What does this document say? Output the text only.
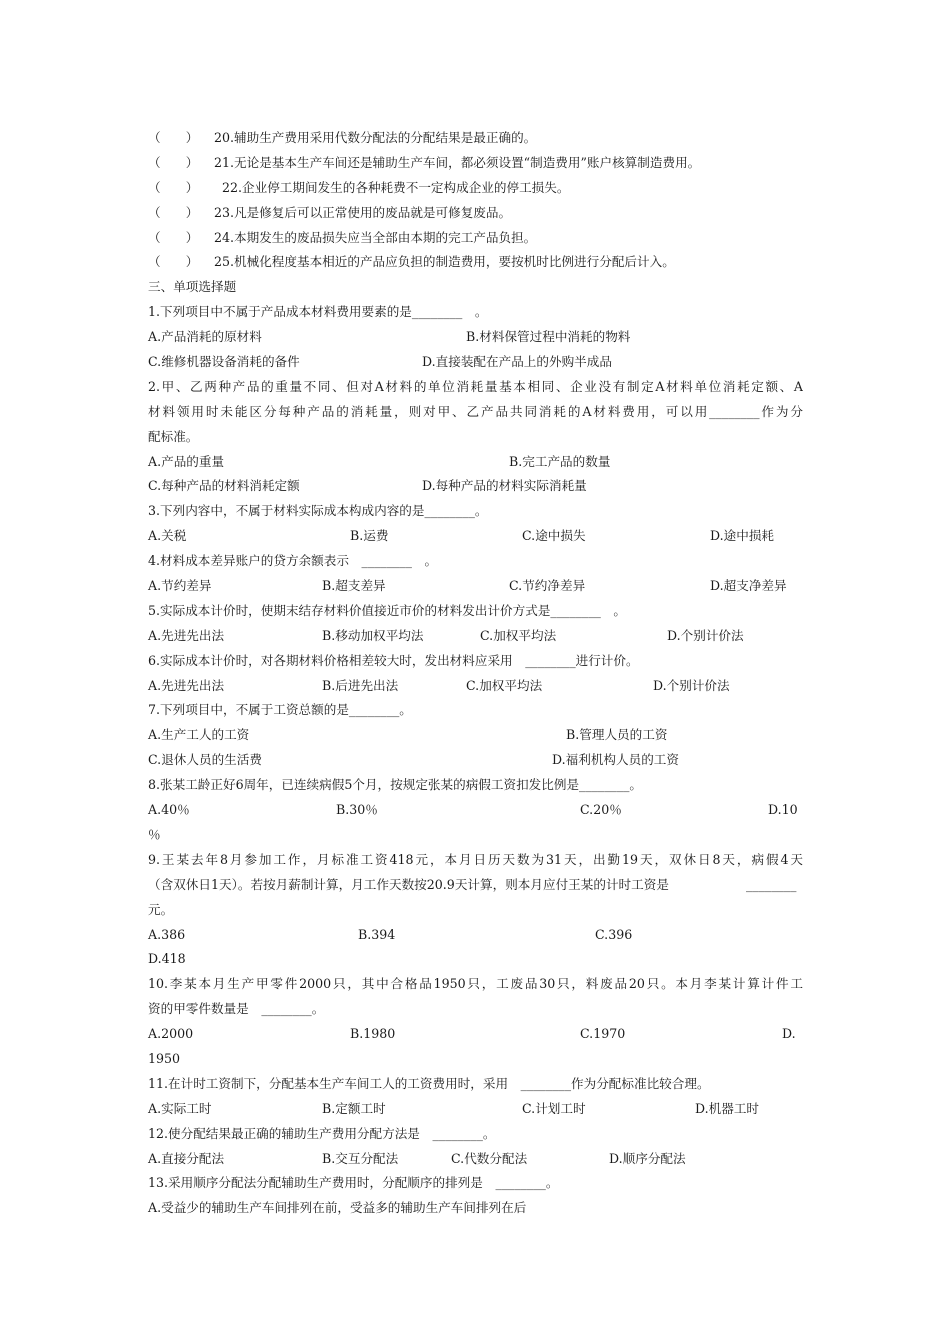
（　　） 20.辅助生产费用采用代数分配法的分配结果是最正确的。
（　　） 21.无论是基本生产车间还是辅助生产车间，都必须设置“制造费用”账户核算制造费用。
（　　） 22.企业停工期间发生的各种耗费不一定构成企业的停工损失。
（　　） 23.凡是修复后可以正常使用的废品就是可修复废品。
（　　） 24.本期发生的废品损失应当全部由本期的完工产品负担。
（　　） 25.机械化程度基本相近的产品应负担的制造费用，要按机时比例进行分配后计入。
三、单项选择题
1.下列项目中不属于产品成本材料费用要素的是________　。
A.产品消耗的原材料	B.材料保管过程中消耗的物料
C.维修机器设备消耗的备件	D.直接装配在产品上的外购半成品
2.甲、乙两种产品的重量不同、但对A材料的单位消耗量基本相同、企业没有制定A材料单位消耗定额、A
材料领用时未能区分每种产品的消耗量，则对甲、乙产品共同消耗的A材料费用，可以用________作为分
配标准。
A.产品的重量	B.完工产品的数量
C.每种产品的材料消耗定额	D.每种产品的材料实际消耗量
3.下列内容中，不属于材料实际成本构成内容的是________。
A.关税	B.运费	C.途中损失	D.途中损耗
4.材料成本差异账户的贷方余额表示　________　。
A.节约差异	B.超支差异	C.节约净差异	D.超支净差异
5.实际成本计价时，使期末结存材料价值接近市价的材料发出计价方式是________　。
A.先进先出法	B.移动加权平均法	C.加权平均法	D.个别计价法
6.实际成本计价时，对各期材料价格相差较大时，发出材料应采用　________进行计价。
A.先进先出法	B.后进先出法	C.加权平均法	D.个别计价法
7.下列项目中，不属于工资总额的是________。
A.生产工人的工资	B.管理人员的工资
C.退休人员的生活费	D.福利机构人员的工资
8.张某工龄正好6周年，已连续病假5个月，按规定张某的病假工资扣发比例是________。
A.40％	B.30％	C.20％	D.10
％
9.王某去年8月参加工作，月标准工资418元，本月日历天数为31天，出勤19天，双休日8天，病假4天
（含双休日1天）。若按月薪制计算，月工作天数按20.9天计算，则本月应付王某的计时工资是	________
元。
A.386	B.394	C.396
D.418
10.李某本月生产甲零件2000只，其中合格品1950只，工废品30只，料废品20只。本月李某计算计件工
资的甲零件数量是　________。
A.2000	B.1980	C.1970	D.
1950
11.在计时工资制下，分配基本生产车间工人的工资费用时，采用　________作为分配标准比较合理。
A.实际工时	B.定额工时	C.计划工时	D.机器工时
12.使分配结果最正确的辅助生产费用分配方法是　________。
A.直接分配法	B.交互分配法	C.代数分配法	D.顺序分配法
13.采用顺序分配法分配辅助生产费用时，分配顺序的排列是　________。
A.受益少的辅助生产车间排列在前，受益多的辅助生产车间排列在后
